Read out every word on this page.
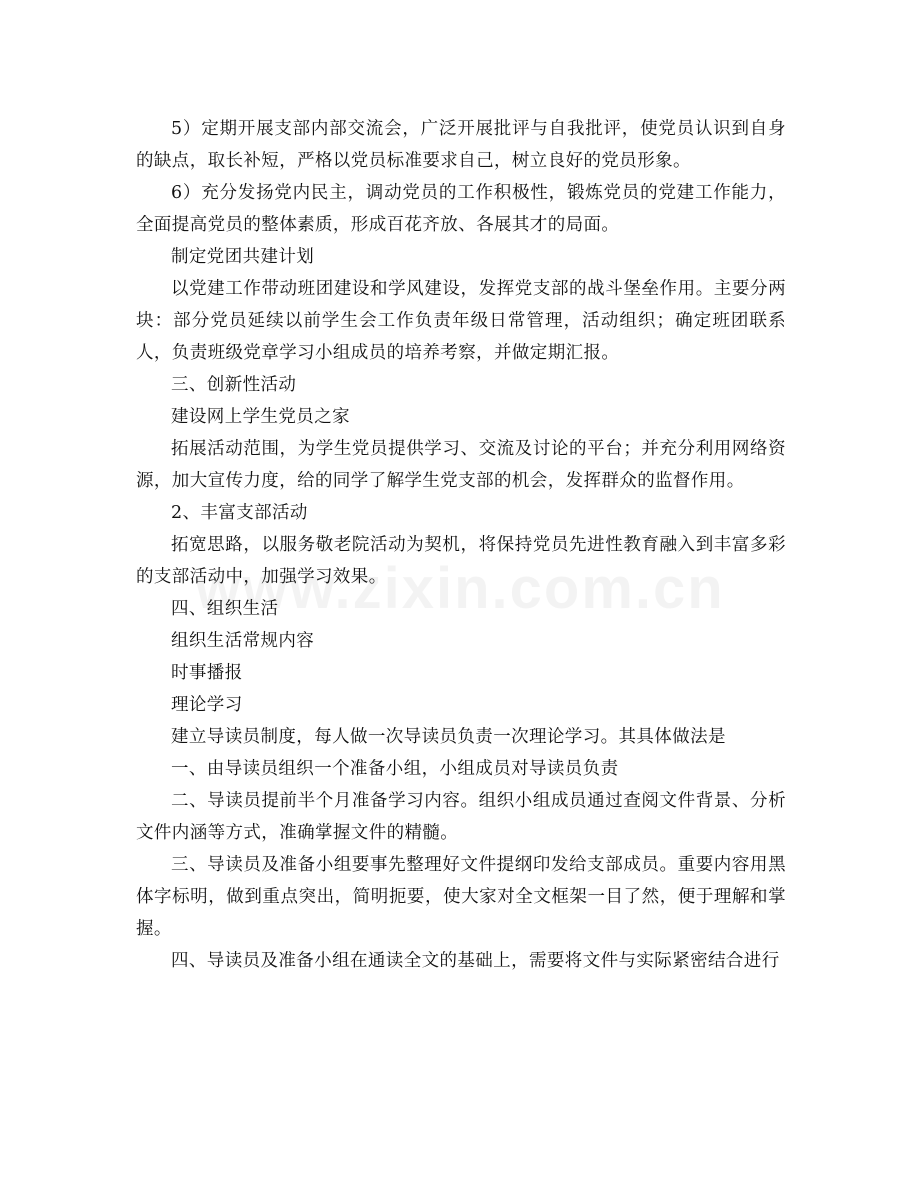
5）定期开展支部内部交流会，广泛开展批评与自我批评，使党员认识到自身的缺点，取长补短，严格以党员标准要求自己，树立良好的党员形象。

6）充分发扬党内民主，调动党员的工作积极性，锻炼党员的党建工作能力，全面提高党员的整体素质，形成百花齐放、各展其才的局面。

制定党团共建计划

以党建工作带动班团建设和学风建设，发挥党支部的战斗堡垒作用。主要分两块：部分党员延续以前学生会工作负责年级日常管理，活动组织；确定班团联系人，负责班级党章学习小组成员的培养考察，并做定期汇报。

三、创新性活动

建设网上学生党员之家

拓展活动范围，为学生党员提供学习、交流及讨论的平台；并充分利用网络资源，加大宣传力度，给的同学了解学生党支部的机会，发挥群众的监督作用。

2、丰富支部活动

拓宽思路，以服务敬老院活动为契机，将保持党员先进性教育融入到丰富多彩的支部活动中，加强学习效果。

四、组织生活

组织生活常规内容

时事播报

理论学习

建立导读员制度，每人做一次导读员负责一次理论学习。其具体做法是

一、由导读员组织一个准备小组，小组成员对导读员负责

二、导读员提前半个月准备学习内容。组织小组成员通过查阅文件背景、分析文件内涵等方式，准确掌握文件的精髓。

三、导读员及准备小组要事先整理好文件提纲印发给支部成员。重要内容用黑体字标明，做到重点突出，简明扼要，使大家对全文框架一目了然，便于理解和掌握。

四、导读员及准备小组在通读全文的基础上，需要将文件与实际紧密结合进行
